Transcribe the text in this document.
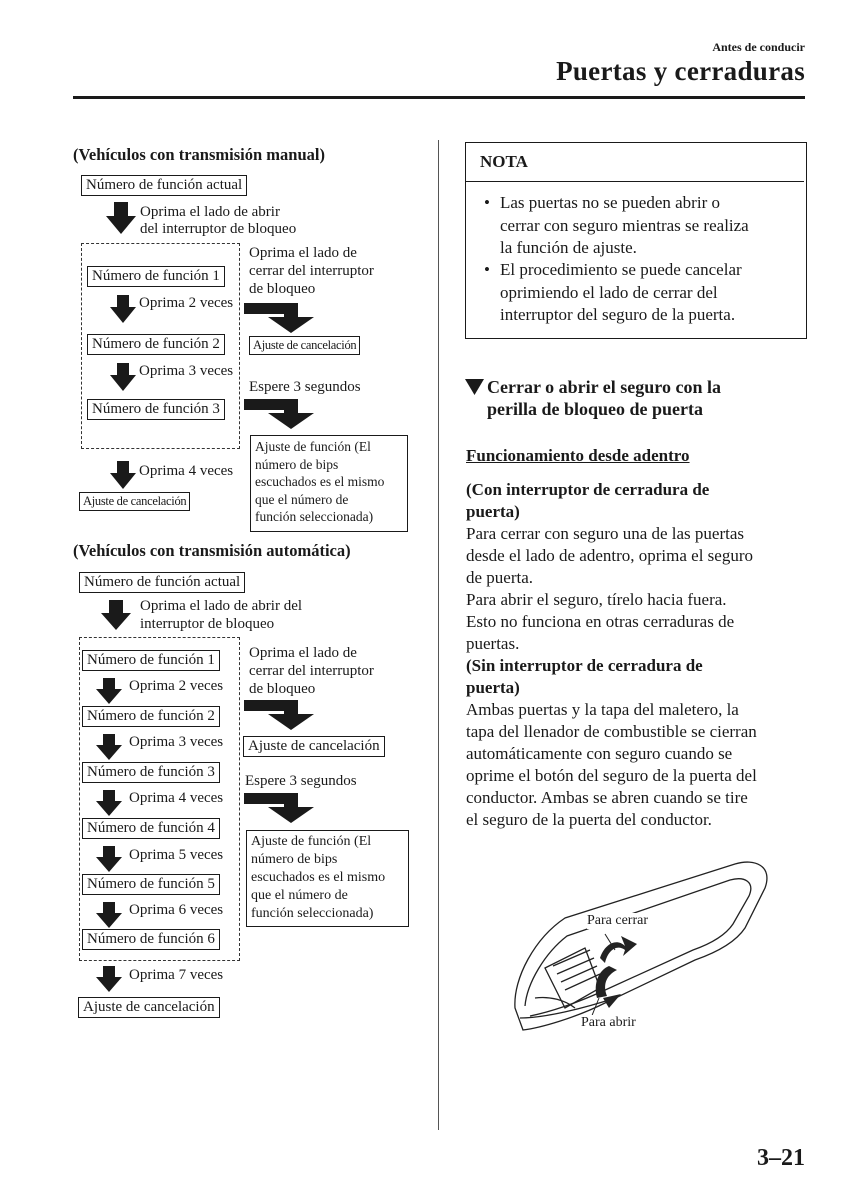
Antes de conducir
Puertas y cerraduras
(Vehículos con transmisión manual)
Número de función actual
Oprima el lado de abrir
del interruptor de bloqueo
Número de función 1
Oprima 2 veces
Número de función 2
Oprima 3 veces
Número de función 3
Oprima 4 veces
Ajuste de cancelación
Oprima el lado de
cerrar del interruptor
de bloqueo
Ajuste de cancelación
Espere 3 segundos
Ajuste de función (El
número de bips
escuchados es el mismo
que el número de
función seleccionada)
(Vehículos con transmisión automática)
Número de función actual
Oprima el lado de abrir del
interruptor de bloqueo
Número de función 1
Oprima 2 veces
Número de función 2
Oprima 3 veces
Número de función 3
Oprima 4 veces
Número de función 4
Oprima 5 veces
Número de función 5
Oprima 6 veces
Número de función 6
Oprima 7 veces
Ajuste de cancelación
Oprima el lado de
cerrar del interruptor
de bloqueo
Ajuste de cancelación
Espere 3 segundos
Ajuste de función (El
número de bips
escuchados es el mismo
que el número de
función seleccionada)
NOTA
• Las puertas no se pueden abrir o
cerrar con seguro mientras se realiza
la función de ajuste.
• El procedimiento se puede cancelar
oprimiendo el lado de cerrar del
interruptor del seguro de la puerta.
Cerrar o abrir el seguro con la
perilla de bloqueo de puerta
Funcionamiento desde adentro
(Con interruptor de cerradura de
puerta)
Para cerrar con seguro una de las puertas
desde el lado de adentro, oprima el seguro
de puerta.
Para abrir el seguro, tírelo hacia fuera.
Esto no funciona en otras cerraduras de
puertas.
(Sin interruptor de cerradura de
puerta)
Ambas puertas y la tapa del maletero, la
tapa del llenador de combustible se cierran
automáticamente con seguro cuando se
oprime el botón del seguro de la puerta del
conductor. Ambas se abren cuando se tire
el seguro de la puerta del conductor.
Para cerrar
Para abrir
3–21
